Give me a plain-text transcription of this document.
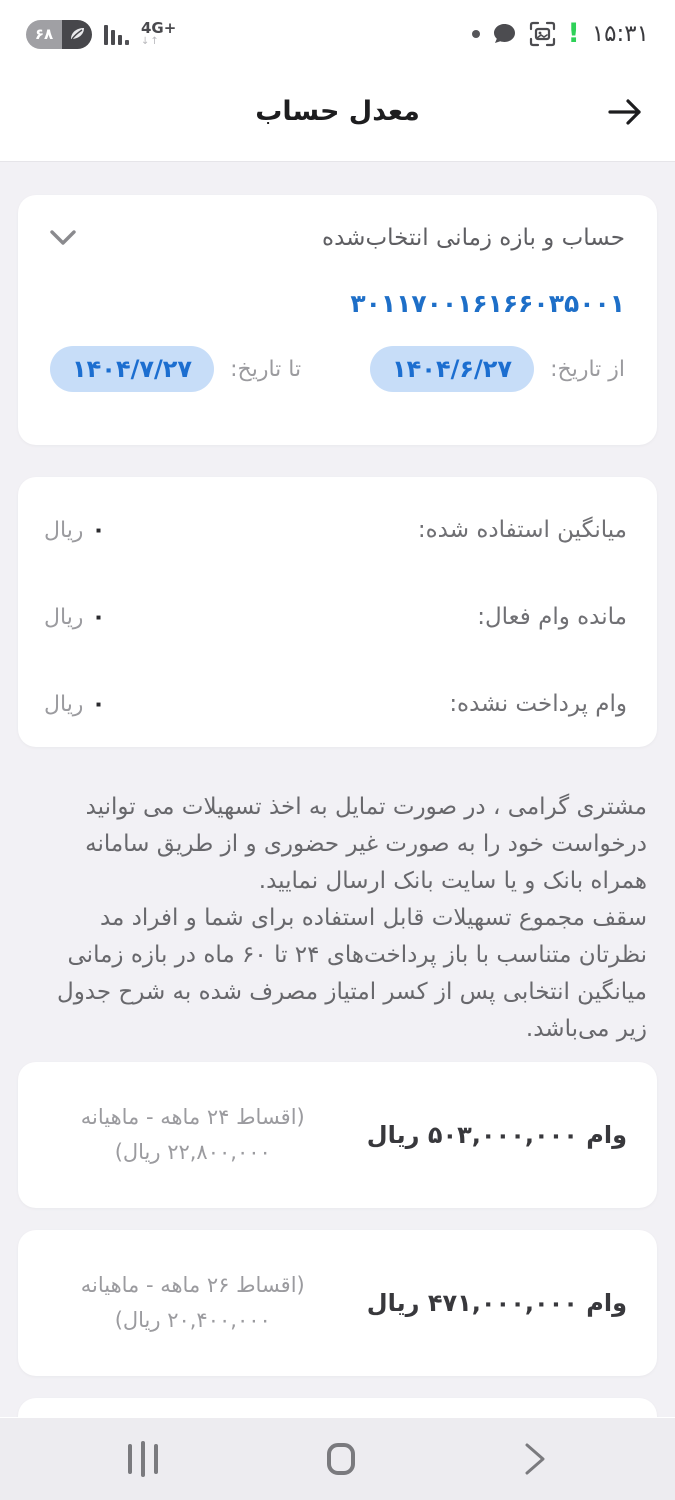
۶۸	4G+
↓↑	! ۱۵:۳۱
معدل حساب
حساب و بازه زمانی انتخاب‌شده
۳۰۱۱۷۰۰۱۶۱۶۶۰۳۵۰۰۱
از تاریخ:
۱۴۰۴/۶/۲۷
تا تاریخ:
۱۴۰۴/۷/۲۷
میانگین استفاده شده:
۰
ریال
مانده وام فعال:
۰
ریال
وام پرداخت نشده:
۰
ریال
مشتری گرامی ، در صورت تمایل به اخذ تسهیلات می توانید درخواست خود را به صورت غیر حضوری و از طریق سامانه همراه بانک و یا سایت بانک ارسال نمایید.
سقف مجموع تسهیلات قابل استفاده برای شما و افراد مد نظرتان متناسب با باز پرداخت‌های ۲۴ تا ۶۰ ماه در بازه زمانی میانگین انتخابی پس از کسر امتیاز مصرف شده به شرح جدول زیر می‌باشد.
وام ۵۰۳,۰۰۰,۰۰۰ ریال
(اقساط ۲۴ ماهه - ماهیانه ۲۲,۸۰۰,۰۰۰ ریال)
وام ۴۷۱,۰۰۰,۰۰۰ ریال
(اقساط ۲۶ ماهه - ماهیانه ۲۰,۴۰۰,۰۰۰ ریال)
